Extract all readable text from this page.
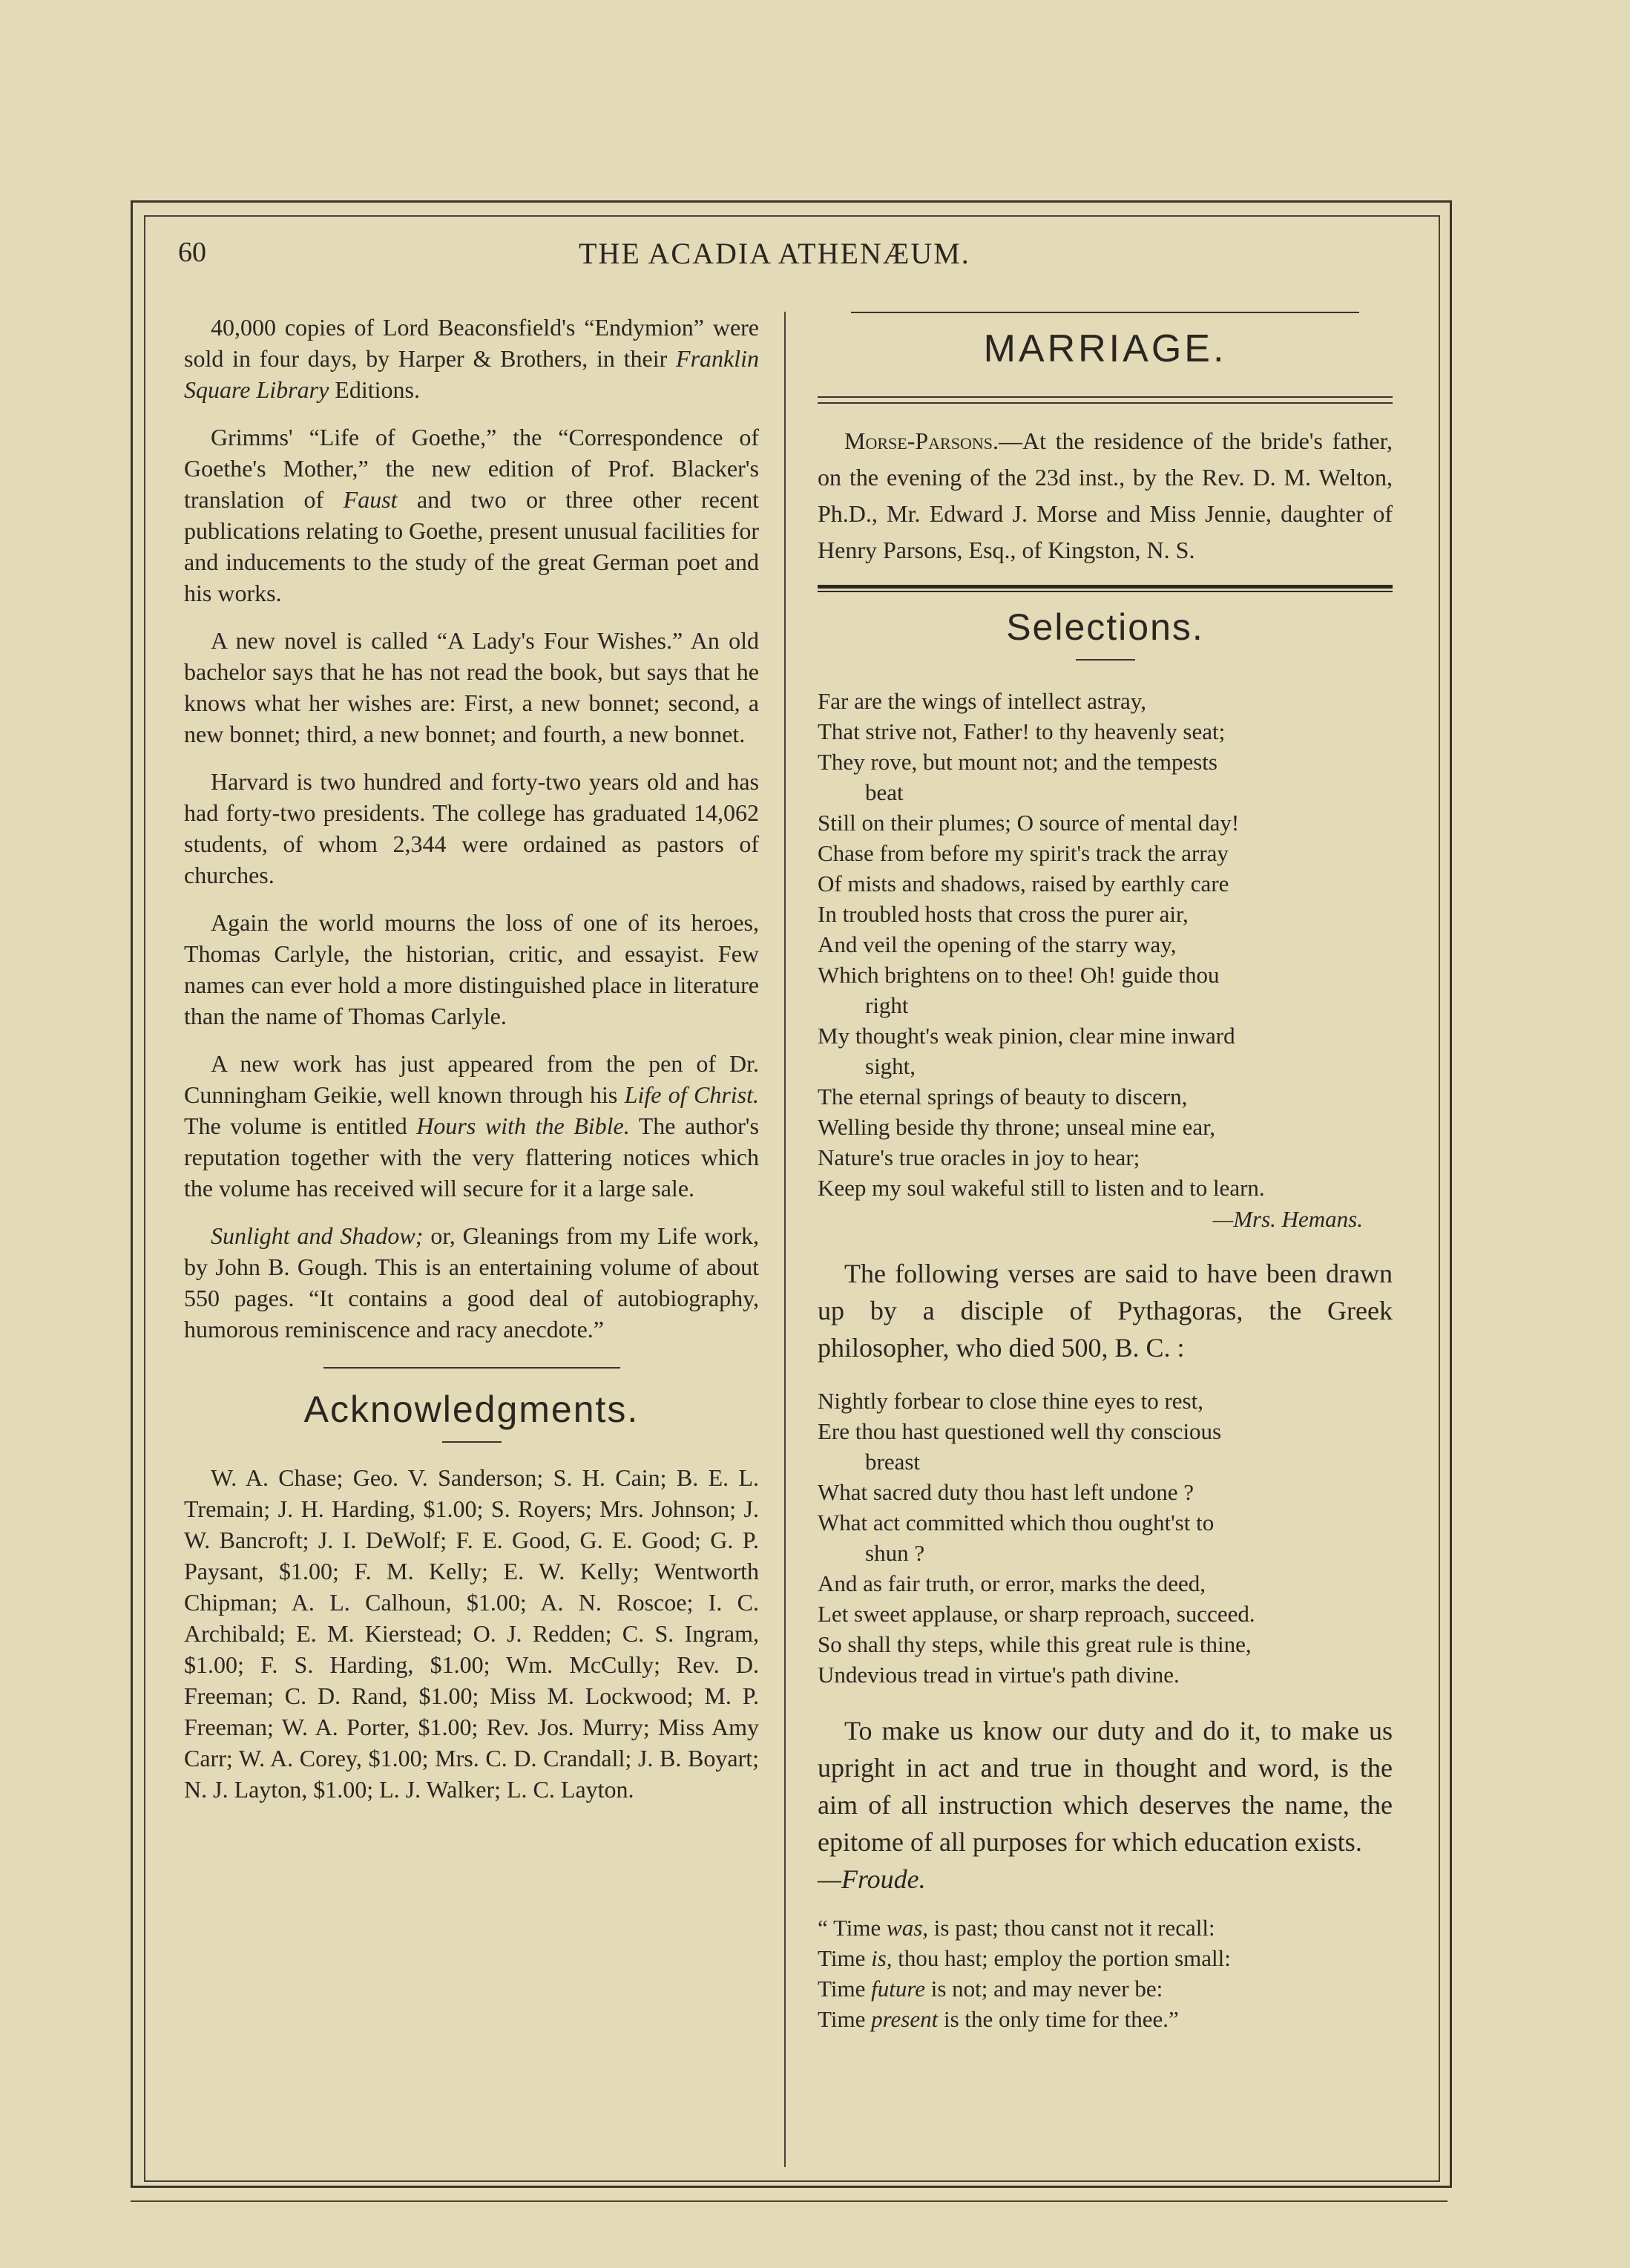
60	THE ACADIA ATHENÆUM.

40,000 copies of Lord Beaconsfield's “Endymion” were sold in four days, by Harper & Brothers, in their Franklin Square Library Editions.

Grimms' “Life of Goethe,” the “Correspondence of Goethe's Mother,” the new edition of Prof. Blacker's translation of Faust and two or three other recent publications relating to Goethe, present unusual facilities for and inducements to the study of the great German poet and his works.

A new novel is called “A Lady's Four Wishes.” An old bachelor says that he has not read the book, but says that he knows what her wishes are: First, a new bonnet; second, a new bonnet; third, a new bonnet; and fourth, a new bonnet.

Harvard is two hundred and forty-two years old and has had forty-two presidents. The college has graduated 14,062 students, of whom 2,344 were ordained as pastors of churches.

Again the world mourns the loss of one of its heroes, Thomas Carlyle, the historian, critic, and essayist. Few names can ever hold a more distinguished place in literature than the name of Thomas Carlyle.

A new work has just appeared from the pen of Dr. Cunningham Geikie, well known through his Life of Christ. The volume is entitled Hours with the Bible. The author's reputation together with the very flattering notices which the volume has received will secure for it a large sale.

Sunlight and Shadow; or, Gleanings from my Life work, by John B. Gough. This is an entertaining volume of about 550 pages. “It contains a good deal of autobiography, humorous reminiscence and racy anecdote.”

Acknowledgments.

W. A. Chase; Geo. V. Sanderson; S. H. Cain; B. E. L. Tremain; J. H. Harding, $1.00; S. Royers; Mrs. Johnson; J. W. Bancroft; J. I. DeWolf; F. E. Good, G. E. Good; G. P. Paysant, $1.00; F. M. Kelly; E. W. Kelly; Wentworth Chipman; A. L. Calhoun, $1.00; A. N. Roscoe; I. C. Archibald; E. M. Kierstead; O. J. Redden; C. S. Ingram, $1.00; F. S. Harding, $1.00; Wm. McCully; Rev. D. Freeman; C. D. Rand, $1.00; Miss M. Lockwood; M. P. Freeman; W. A. Porter, $1.00; Rev. Jos. Murry; Miss Amy Carr; W. A. Corey, $1.00; Mrs. C. D. Crandall; J. B. Boyart; N. J. Layton, $1.00; L. J. Walker; L. C. Layton.

MARRIAGE.

Morse-Parsons.—At the residence of the bride's father, on the evening of the 23d inst., by the Rev. D. M. Welton, Ph.D., Mr. Edward J. Morse and Miss Jennie, daughter of Henry Parsons, Esq., of Kingston, N. S.

Selections.
Far are the wings of intellect astray,
That strive not, Father! to thy heavenly seat;
They rove, but mount not; and the tempests
beat
Still on their plumes; O source of mental day!
Chase from before my spirit's track the array
Of mists and shadows, raised by earthly care
In troubled hosts that cross the purer air,
And veil the opening of the starry way,
Which brightens on to thee! Oh! guide thou
right
My thought's weak pinion, clear mine inward
sight,
The eternal springs of beauty to discern,
Welling beside thy throne; unseal mine ear,
Nature's true oracles in joy to hear;
Keep my soul wakeful still to listen and to learn.
—Mrs. Hemans.

The following verses are said to have been drawn up by a disciple of Pythagoras, the Greek philosopher, who died 500, B. C. :

Nightly forbear to close thine eyes to rest,
Ere thou hast questioned well thy conscious
breast
What sacred duty thou hast left undone ?
What act committed which thou ought'st to
shun ?
And as fair truth, or error, marks the deed,
Let sweet applause, or sharp reproach, succeed.
So shall thy steps, while this great rule is thine,
Undevious tread in virtue's path divine.

To make us know our duty and do it, to make us upright in act and true in thought and word, is the aim of all instruction which deserves the name, the epitome of all purposes for which education exists.
—Froude.

“ Time was, is past; thou canst not it recall:
Time is, thou hast; employ the portion small:
Time future is not; and may never be:
Time present is the only time for thee.”
